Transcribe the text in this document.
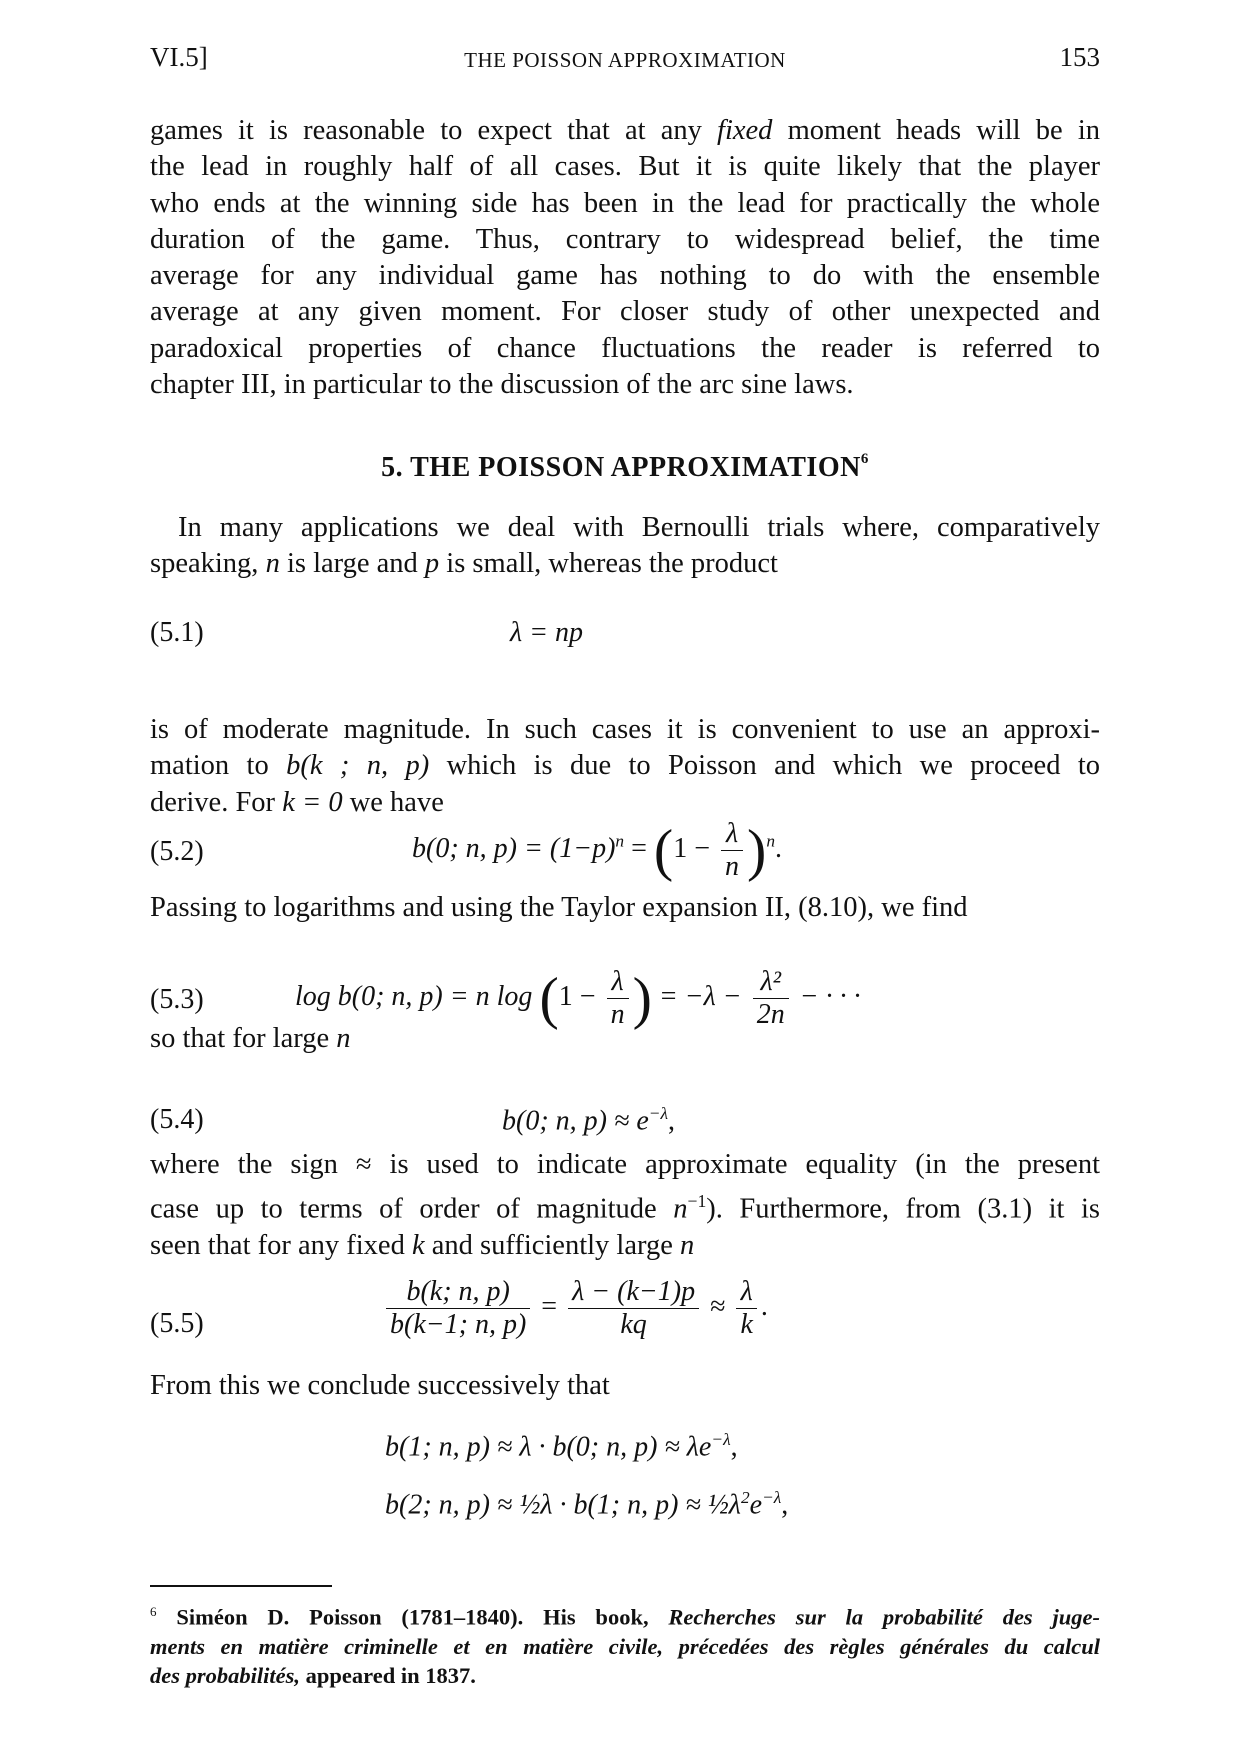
VI.5]	THE POISSON APPROXIMATION	153
games it is reasonable to expect that at any fixed moment heads will be in
the lead in roughly half of all cases. But it is quite likely that the player
who ends at the winning side has been in the lead for practically the whole
duration of the game. Thus, contrary to widespread belief, the time
average for any individual game has nothing to do with the ensemble
average at any given moment. For closer study of other unexpected and
paradoxical properties of chance fluctuations the reader is referred to
chapter III, in particular to the discussion of the arc sine laws.
5. THE POISSON APPROXIMATION$^6$
In many applications we deal with Bernoulli trials where, comparatively
speaking, n is large and p is small, whereas the product
(5.1)	λ = np
is of moderate magnitude. In such cases it is convenient to use an approxi-
mation to b(k ; n, p) which is due to Poisson and which we proceed to
derive. For k = 0 we have
(5.2)	b(0; n, $p) = (1-p)^n = (1 - \frac{\lambda}{n} )^n$.
Passing to logarithms and using the Taylor expansion II, (8.10), we find
(5.3)	log b(0; n, p) = n $\log (1 - \frac{\lambda}{n}$ ) = $-\lambda - \frac{\text{λ²}}{2n}$ − · · ·
so that for large n
(5.4)	b(0; n, $p) \approx e^{-\lambda}$,
where the sign ≈ is used to indicate approximate equality (in the present
case up to terms of order of magnitude $n^{-1}$). Furthermore, from (3.1) it is
seen that for any fixed k and sufficiently large n
(5.5)	$\frac{b(k; n, p)}{b(k-1; n, p)} = \frac{\lambda - (k-1)p}{kq} \approx \frac{\lambda}{k}$ .
From this we conclude successively that
b(1; n, p) ≈ λ · b(0; n, $p) \approx \lambda e^{-\lambda}$,
b(2; n, p) ≈ ½λ · b(1; n, $p) \approx \frac{1}{2}\lambda^2e^{-\lambda}$,
$^6$ Siméon D. Poisson (1781–1840). His book, Recherches sur la probabilité des juge-
ments en matière criminelle et en matière civile, précedées des règles générales du calcul
des probabilités, appeared in 1837.
